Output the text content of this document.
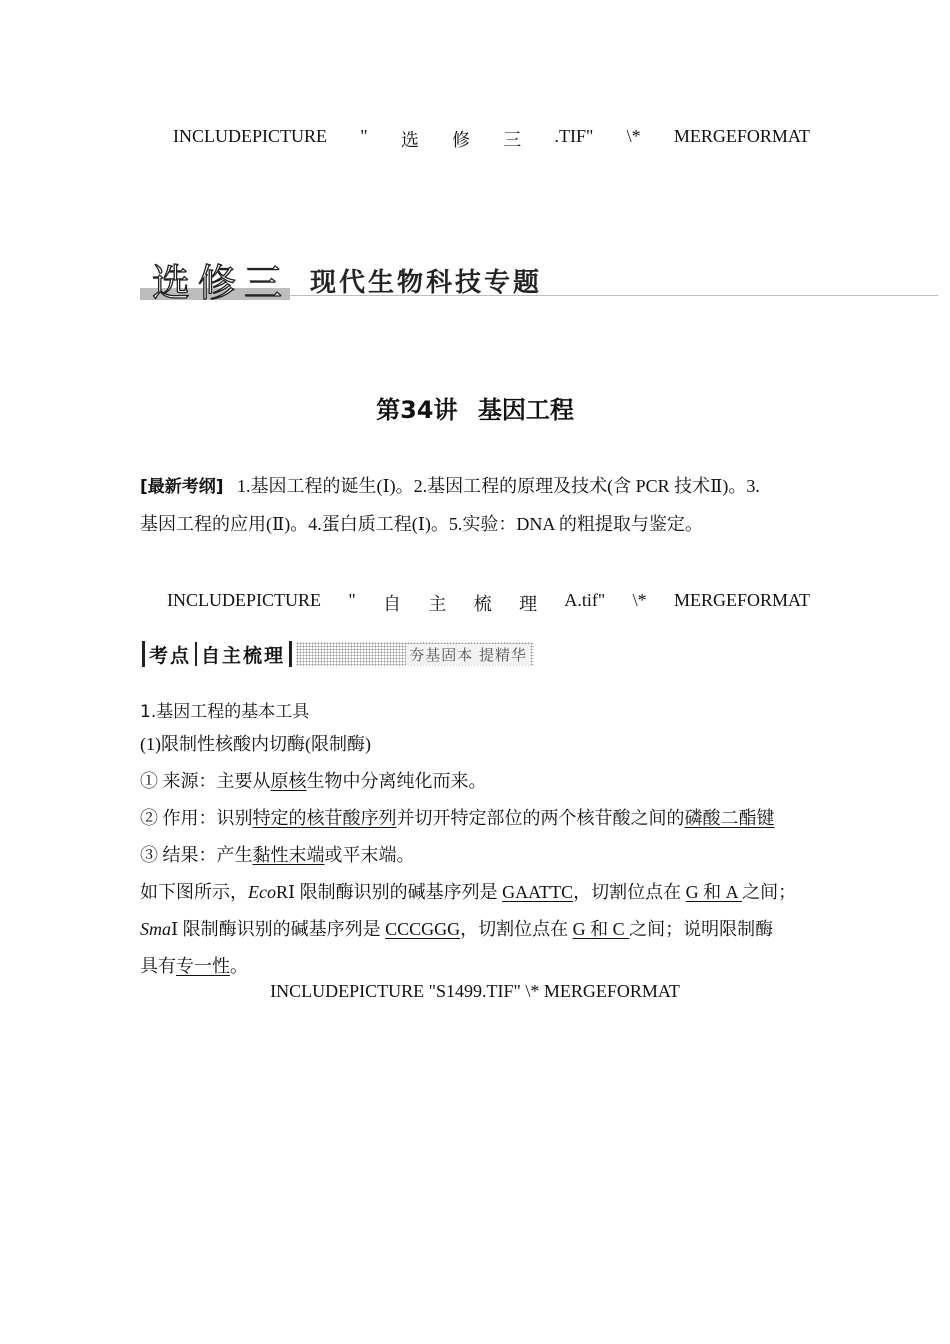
INCLUDEPICTURE " 选 修 三 .TIF" \* MERGEFORMAT
选修三 现代生物科技专题
第34讲 基因工程
[最新考纲] 1.基因工程的诞生(Ⅰ)。2.基因工程的原理及技术(含 PCR 技术Ⅱ)。3.
基因工程的应用(Ⅱ)。4.蛋白质工程(Ⅰ)。5.实验：DNA 的粗提取与鉴定。
INCLUDEPICTURE " 自 主 梳 理 A.tif" \* MERGEFORMAT
考点 自主梳理	夯基固本 提精华
1.基因工程的基本工具
(1)限制性核酸内切酶(限制酶)
① 来源：主要从原核生物中分离纯化而来。
② 作用：识别特定的核苷酸序列并切开特定部位的两个核苷酸之间的磷酸二酯键
③ 结果：产生黏性末端或平末端。
如下图所示，EcoRⅠ 限制酶识别的碱基序列是 GAATTC，切割位点在 G 和 A 之间；
SmaⅠ 限制酶识别的碱基序列是 CCCGGG，切割位点在 G 和 C 之间；说明限制酶
具有专一性。
INCLUDEPICTURE "S1499.TIF" \* MERGEFORMAT
